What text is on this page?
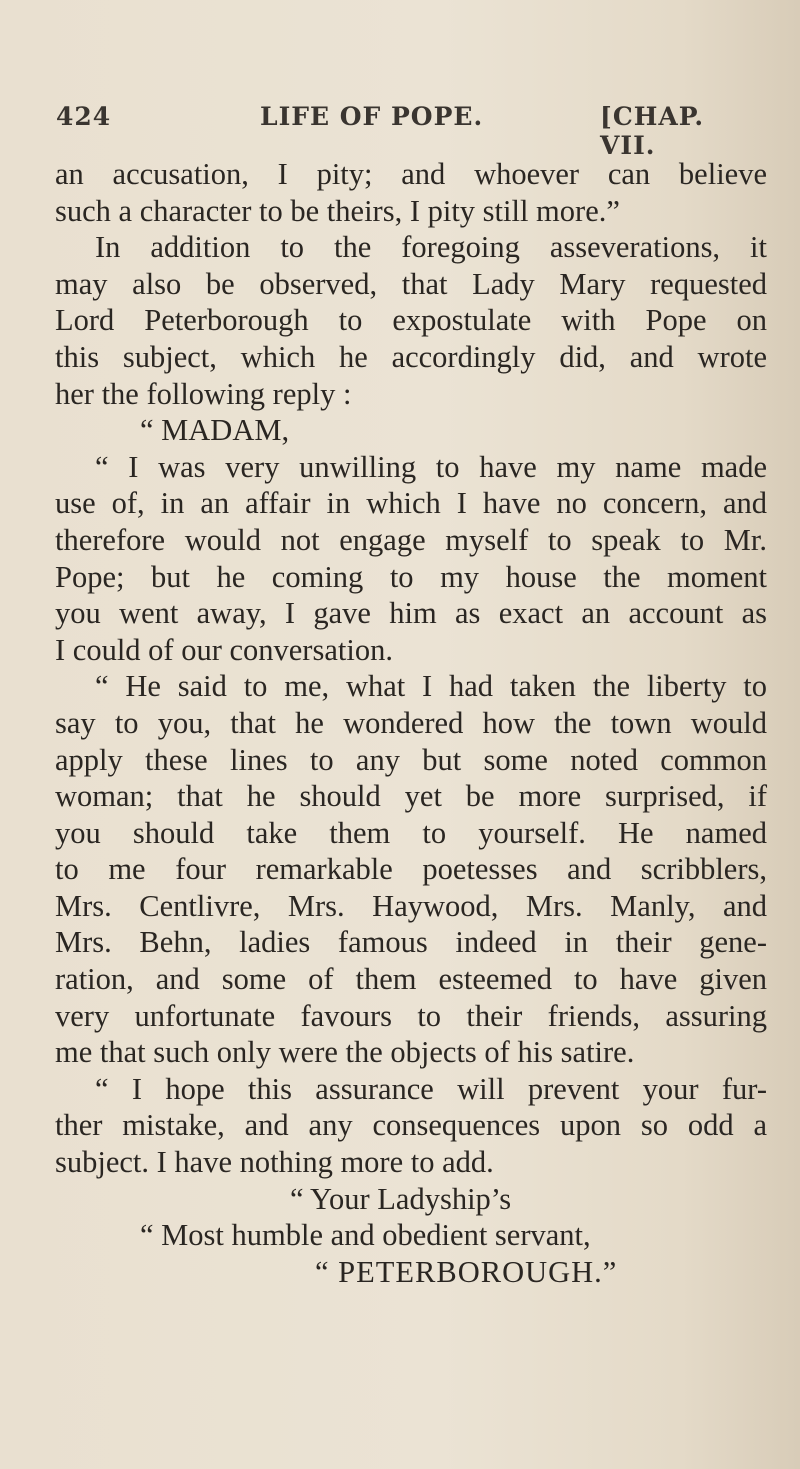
424	LIFE OF POPE.	[CHAP. VII.
an accusation, I pity; and whoever can believe
such a character to be theirs, I pity still more.”
In addition to the foregoing asseverations, it
may also be observed, that Lady Mary requested
Lord Peterborough to expostulate with Pope on
this subject, which he accordingly did, and wrote
her the following reply :
“ MADAM,
“ I was very unwilling to have my name made
use of, in an affair in which I have no concern, and
therefore would not engage myself to speak to Mr.
Pope; but he coming to my house the moment
you went away, I gave him as exact an account as
I could of our conversation.
“ He said to me, what I had taken the liberty to
say to you, that he wondered how the town would
apply these lines to any but some noted common
woman; that he should yet be more surprised, if
you should take them to yourself. He named
to me four remarkable poetesses and scribblers,
Mrs. Centlivre, Mrs. Haywood, Mrs. Manly, and
Mrs. Behn, ladies famous indeed in their gene-
ration, and some of them esteemed to have given
very unfortunate favours to their friends, assuring
me that such only were the objects of his satire.
“ I hope this assurance will prevent your fur-
ther mistake, and any consequences upon so odd a
subject. I have nothing more to add.
“ Your Ladyship’s
“ Most humble and obedient servant,
“ PETERBOROUGH.”
